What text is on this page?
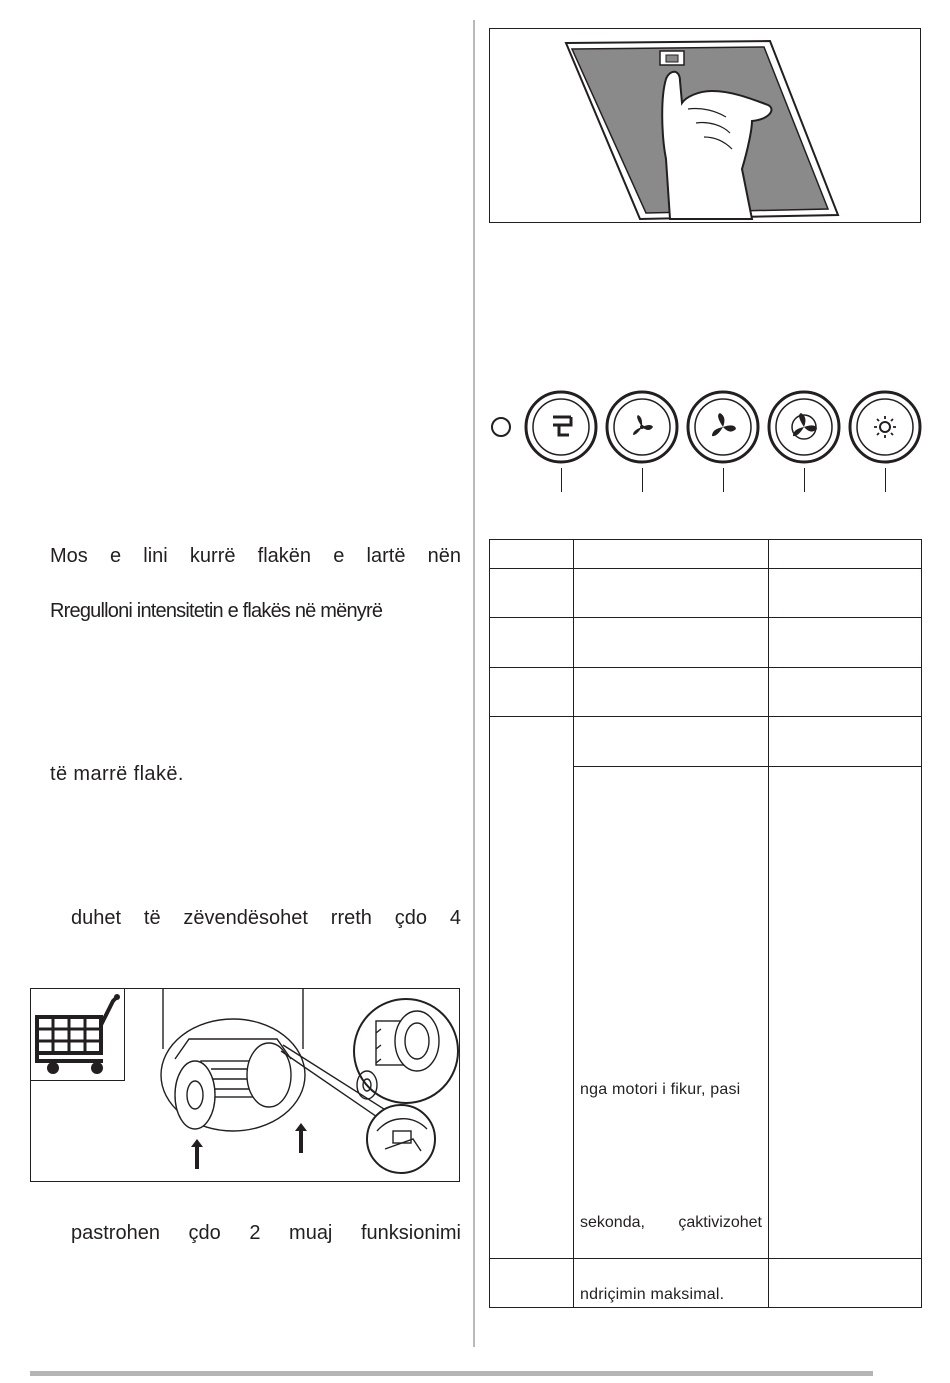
Mos e lini kurrë flakën e lartë nën
Rregulloni intensitetin e flakës në mënyrë
të marrë flakë.
duhet të zëvendësohet rreth çdo 4
pastrohen çdo 2 muaj funksionimi
nga motori i fikur, pasi
sekonda, çaktivizohet
ndriçimin maksimal.
